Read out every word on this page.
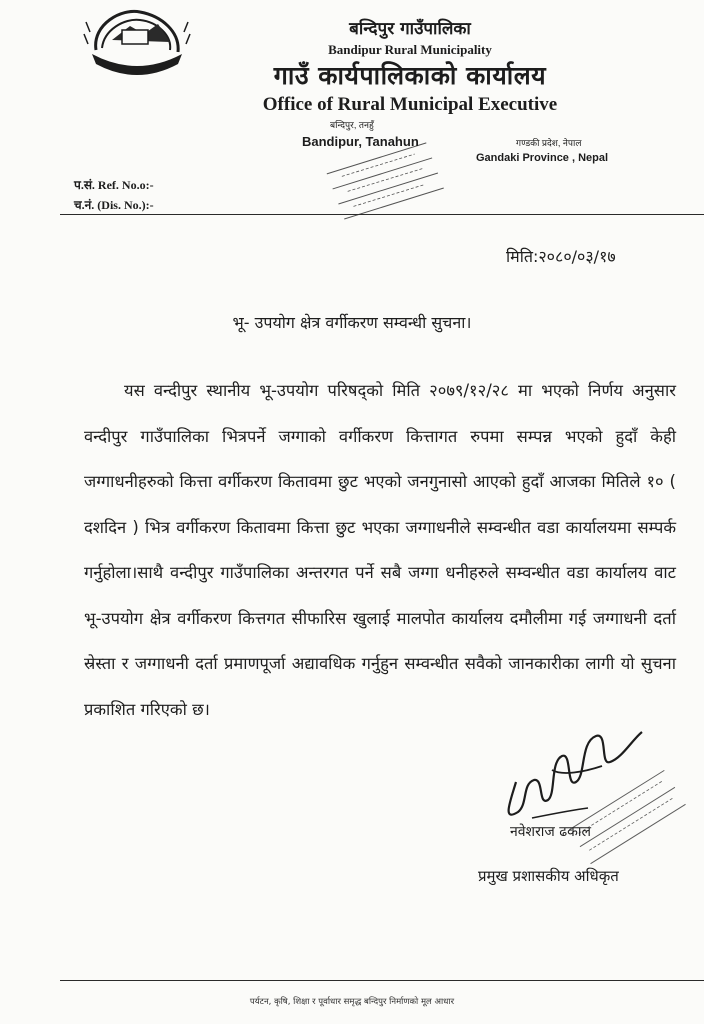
बन्दिपुर गाउँपालिका
Bandipur Rural Municipality
गाउँ कार्यपालिकाको कार्यालय
Office of Rural Municipal Executive
बन्दिपुर, तनहुँ
Bandipur, Tanahun	गण्डकी प्रदेश, नेपाल
Gandaki Province , Nepal
प.सं. Ref. No.o:-
च.नं. (Dis. No.):-
मिति:२०८०/०३/१७
भू- उपयोग क्षेत्र वर्गीकरण सम्वन्धी सुचना।
यस वन्दीपुर स्थानीय भू-उपयोग परिषद्को मिति २०७९/१२/२८ मा भएको निर्णय अनुसार वन्दीपुर गाउँपालिका भित्रपर्ने जग्गाको वर्गीकरण कित्तागत रुपमा सम्पन्न भएको हुदाँ केही जग्गाधनीहरुको कित्ता वर्गीकरण कितावमा छुट भएको जनगुनासो आएको हुदाँ आजका मितिले १० ( दशदिन ) भित्र वर्गीकरण कितावमा कित्ता छुट भएका जग्गाधनीले सम्वन्धीत वडा कार्यालयमा सम्पर्क गर्नुहोला।साथै वन्दीपुर गाउँपालिका अन्तरगत पर्ने सबै जग्गा धनीहरुले सम्वन्धीत वडा कार्यालय वाट भू-उपयोग क्षेत्र वर्गीकरण कित्तगत सीफारिस खुलाई मालपोत कार्यालय दमौलीमा गई जग्गाधनी दर्ता स्रेस्ता र जग्गाधनी दर्ता प्रमाणपूर्जा अद्यावधिक गर्नुहुन सम्वन्धीत सवैको जानकारीका लागी यो सुचना प्रकाशित गरिएको छ।
नवेशराज ढकाल
प्रमुख प्रशासकीय अधिकृत
पर्यटन, कृषि, शिक्षा र पूर्वाधार समृद्ध बन्दिपुर निर्माणको मूल आधार
